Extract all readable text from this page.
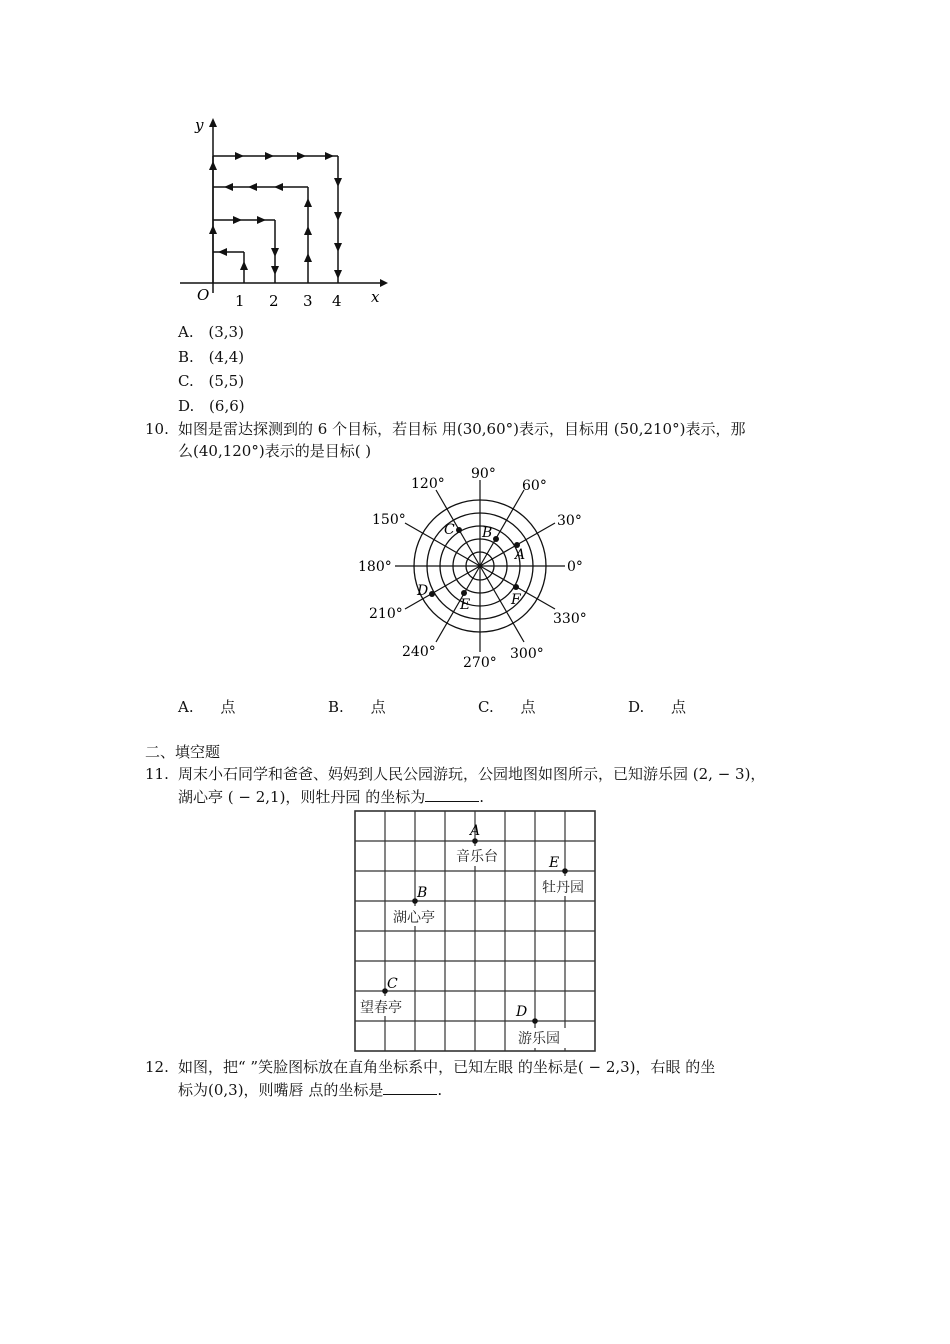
y
x
O 1 2 3 4
A. (3,3)
B. (4,4)
C. (5,5)
D. (6,6)
10. 如图是雷达探测到的 6 个目标，若目标 用(30,60°)表示，目标用 (50,210°)表示，那
么(40,120°)表示的是目标( )
90°
60°
30°
0°
330°
300°
270°
240°
210°
180°
150°
120°
A
B
C
D
E	F
A. 点	B. 点	C. 点	D. 点
二、填空题
11. 周末小石同学和爸爸、妈妈到人民公园游玩，公园地图如图所示，已知游乐园 (2, − 3)，
湖心亭 ( − 2,1)，则牡丹园 的坐标为	.
A
B
C
D
E
音乐台
湖心亭
望春亭
游乐园
牡丹园
12. 如图，把“ ”笑脸图标放在直角坐标系中，已知左眼 的坐标是( − 2,3)，右眼 的坐
标为(0,3)，则嘴唇 点的坐标是	.
